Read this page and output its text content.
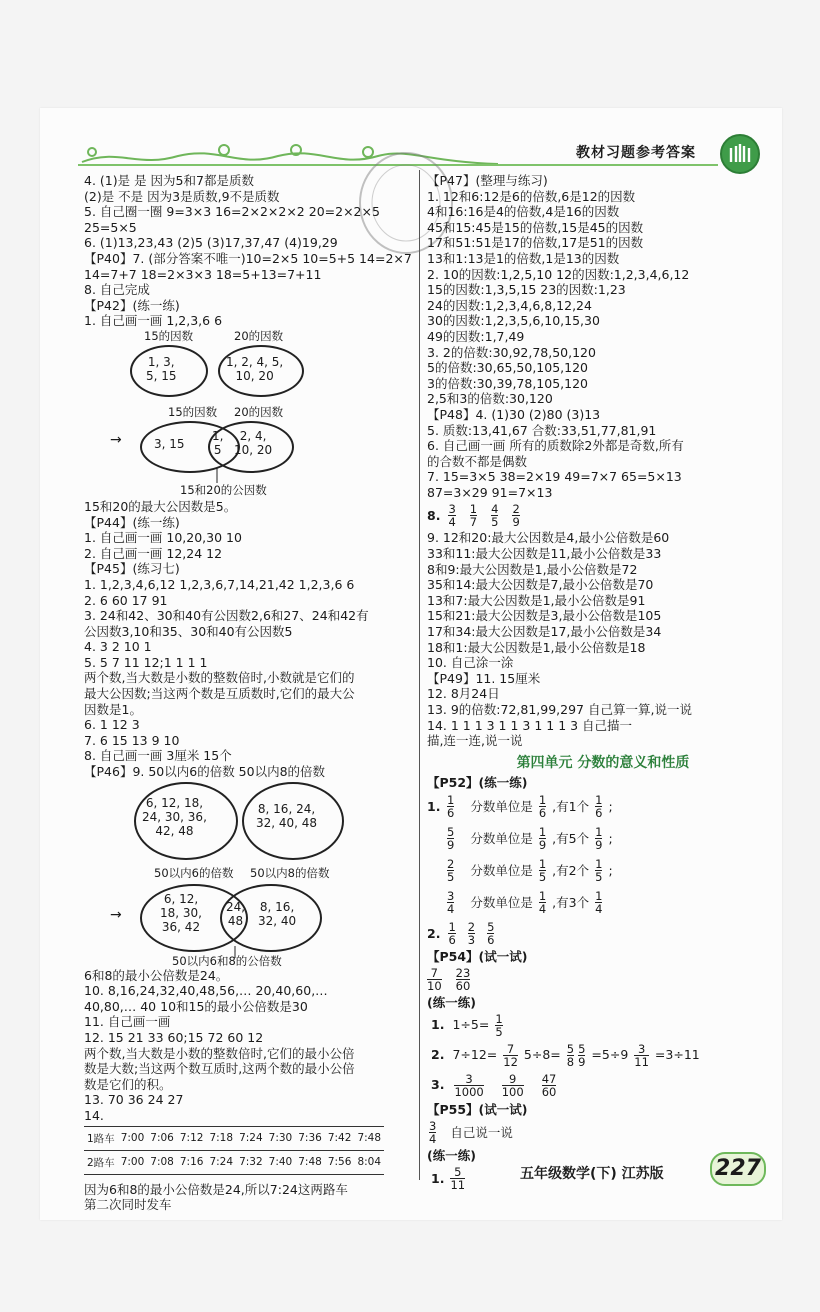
教材习题参考答案
4. (1)是 是 因为5和7都是质数
(2)是 不是 因为3是质数,9不是质数
5. 自己圈一圈 9=3×3 16=2×2×2×2 20=2×2×5
25=5×5
6. (1)13,23,43 (2)5 (3)17,37,47 (4)19,29
【P40】7. (部分答案不唯一)10=2×5 10=5+5 14=2×7
14=7+7 18=2×3×3 18=5+13=7+11
8. 自己完成
【P42】(练一练)
1. 自己画一画 1,2,3,6 6
15的因数	20的因数
1, 3,
5, 15
1, 2, 4, 5,
10, 20
15的因数 20的因数
→	3, 15
1,
5
2, 4,
10, 20
15和20的公因数
15和20的最大公因数是5。
【P44】(练一练)
1. 自己画一画 10,20,30 10
2. 自己画一画 12,24 12
【P45】(练习七)
1. 1,2,3,4,6,12 1,2,3,6,7,14,21,42 1,2,3,6 6
2. 6 60 17 91
3. 24和42、30和40有公因数2,6和27、24和42有
公因数3,10和35、30和40有公因数5
4. 3 2 10 1
5. 5 7 11 12;1 1 1 1
两个数,当大数是小数的整数倍时,小数就是它们的
最大公因数;当这两个数是互质数时,它们的最大公
因数是1。
6. 1 12 3
7. 6 15 13 9 10
8. 自己画一画 3厘米 15个
【P46】9. 50以内6的倍数 50以内8的倍数
6, 12, 18,
24, 30, 36,
42, 48
8, 16, 24,
32, 40, 48
50以内6的倍数 50以内8的倍数
→
6, 12,
18, 30,
36, 42
24,
48
8, 16,
32, 40
50以内6和8的公倍数
6和8的最小公倍数是24。
10. 8,16,24,32,40,48,56,… 20,40,60,…
40,80,… 40 10和15的最小公倍数是30
11. 自己画一画
12. 15 21 33 60;15 72 60 12
两个数,当大数是小数的整数倍时,它们的最小公倍
数是大数;当这两个数互质时,这两个数的最小公倍
数是它们的积。
13. 70 36 24 27
14.
因为6和8的最小公倍数是24,所以7:24这两路车
第二次同时发车
1路车	7:00	7:06	7:12	7:18	7:24	7:30	7:36	7:42	7:48
2路车	7:00	7:08	7:16	7:24	7:32	7:40	7:48	7:56	8:04
【P47】(整理与练习)
1. 12和6:12是6的倍数,6是12的因数
4和16:16是4的倍数,4是16的因数
45和15:45是15的倍数,15是45的因数
17和51:51是17的倍数,17是51的因数
13和1:13是1的倍数,1是13的因数
2. 10的因数:1,2,5,10 12的因数:1,2,3,4,6,12
15的因数:1,3,5,15 23的因数:1,23
24的因数:1,2,3,4,6,8,12,24
30的因数:1,2,3,5,6,10,15,30
49的因数:1,7,49
3. 2的倍数:30,92,78,50,120
5的倍数:30,65,50,105,120
3的倍数:30,39,78,105,120
2,5和3的倍数:30,120
【P48】4. (1)30 (2)80 (3)13
5. 质数:13,41,67 合数:33,51,77,81,91
6. 自己画一画 所有的质数除2外都是奇数,所有
的合数不都是偶数
7. 15=3×5 38=2×19 49=7×7 65=5×13
87=3×29 91=7×13
8. $\frac{3}{4} \frac{1}{7} \frac{4}{5} \frac{2}{9}$
9. 12和20:最大公因数是4,最小公倍数是60
33和11:最大公因数是11,最小公倍数是33
8和9:最大公因数是1,最小公倍数是72
35和14:最大公因数是7,最小公倍数是70
13和7:最大公因数是1,最小公倍数是91
15和21:最大公因数是3,最小公倍数是105
17和34:最大公因数是17,最小公倍数是34
18和1:最大公因数是1,最小公倍数是18
10. 自己涂一涂
【P49】11. 15厘米
12. 8月24日
13. 9的倍数:72,81,99,297 自己算一算,说一说
14. 1 1 1 3 1 1 3 1 1 1 3 自己描一
描,连一连,说一说
第四单元 分数的意义和性质
【P52】(练一练)
1. $\frac{1}{6}$ 分数单位是 $\frac{1}{6}$ ,有1个 $\frac{1}{6}$ ;
$\frac{5}{9}$ 分数单位是 $\frac{1}{9}$ ,有5个 $\frac{1}{9}$ ;
$\frac{2}{5}$ 分数单位是 $\frac{1}{5}$ ,有2个 $\frac{1}{5}$ ;
$\frac{3}{4}$ 分数单位是 $\frac{1}{4}$ ,有3个 $\frac{1}{4}$
2. $\frac{1}{6} \frac{2}{3} \frac{5}{6}$
【P54】(试一试)
$\frac{7}{10} \frac{23}{60}$
(练一练)
1. $1\div 5= \frac{1}{5}$
2. $7\div 12= \frac{7}{12} 5\div 8= \frac{5}{8} \frac{5}{9} =5\div 9 \frac{3}{11} =3\div 11$
3. $\frac{3}{1000} \frac{9}{100} \frac{47}{60}$
【P55】(试一试)
$\frac{3}{4}$ 自己说一说
(练一练)
1. $\frac{5}{11}$	五年级数学(下) 江苏版 227
